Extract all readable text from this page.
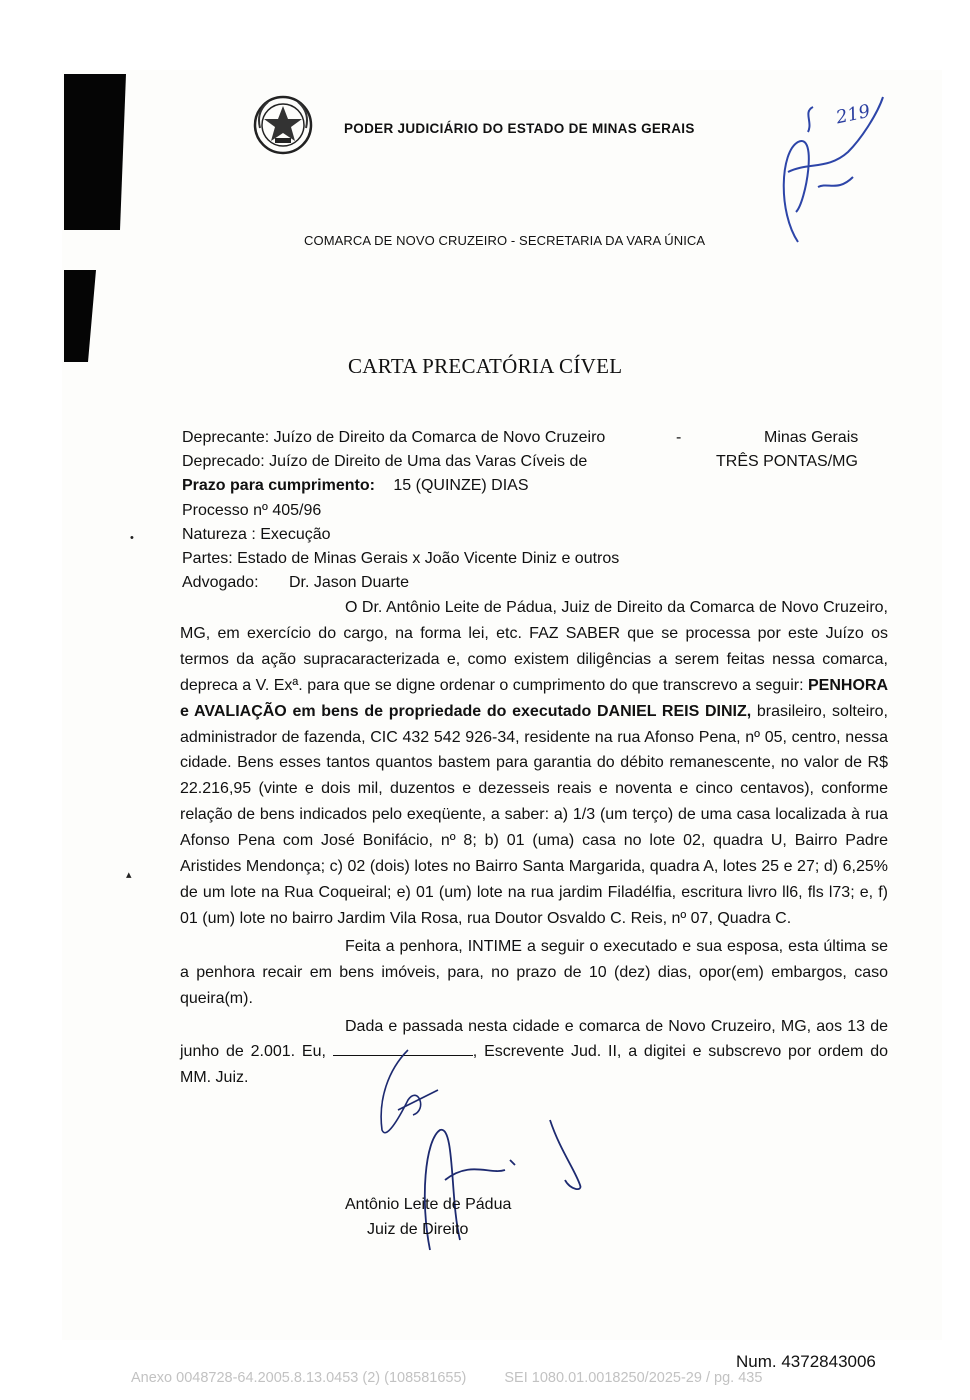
PODER JUDICIÁRIO DO ESTADO DE MINAS GERAIS
COMARCA DE NOVO CRUZEIRO - SECRETARIA DA VARA ÚNICA
219
CARTA PRECATÓRIA CÍVEL
Deprecante: Juízo de Direito da Comarca de Novo Cruzeiro	-	Minas Gerais
Deprecado: Juízo de Direito de Uma das Varas Cíveis de	TRÊS PONTAS/MG
Prazo para cumprimento: 15 (QUINZE) DIAS
Processo nº 405/96
Natureza : Execução
Partes: Estado de Minas Gerais x João Vicente Diniz e outros
Advogado: Dr. Jason Duarte
•
▴

O Dr. Antônio Leite de Pádua, Juiz de Direito da Comarca de Novo Cruzeiro, MG, em exercício do cargo, na forma lei, etc. FAZ SABER que se processa por este Juízo os termos da ação supracaracterizada e, como existem diligências a serem feitas nessa comarca, depreca a V. Exª. para que se digne ordenar o cumprimento do que transcrevo a seguir: PENHORA e AVALIAÇÃO em bens de propriedade do executado DANIEL REIS DINIZ, brasileiro, solteiro, administrador de fazenda, CIC 432 542 926-34, residente na rua Afonso Pena, nº 05, centro, nessa cidade. Bens esses tantos quantos bastem para garantia do débito remanescente, no valor de R$ 22.216,95 (vinte e dois mil, duzentos e dezesseis reais e noventa e cinco centavos), conforme relação de bens indicados pelo exeqüente, a saber: a) 1/3 (um terço) de uma casa localizada à rua Afonso Pena com José Bonifácio, nº 8; b) 01 (uma) casa no lote 02, quadra U, Bairro Padre Aristides Mendonça; c) 02 (dois) lotes no Bairro Santa Margarida, quadra A, lotes 25 e 27; d) 6,25% de um lote na Rua Coqueiral; e) 01 (um) lote na rua jardim Filadélfia, escritura livro ll6, fls l73; e, f) 01 (um) lote no bairro Jardim Vila Rosa, rua Doutor Osvaldo C. Reis, nº 07, Quadra C.

Feita a penhora, INTIME a seguir o executado e sua esposa, esta última se a penhora recair em bens imóveis, para, no prazo de 10 (dez) dias, opor(em) embargos, caso queira(m).

Dada e passada nesta cidade e comarca de Novo Cruzeiro, MG, aos 13 de junho de 2.001. Eu,	, Escrevente Jud. II, a digitei e subscrevo por ordem do MM. Juiz.

Antônio Leite de Pádua
Juiz de Direito
Num. 4372843006
Anexo 0048728-64.2005.8.13.0453 (2) (108581655)	SEI 1080.01.0018250/2025-29 / pg. 435
